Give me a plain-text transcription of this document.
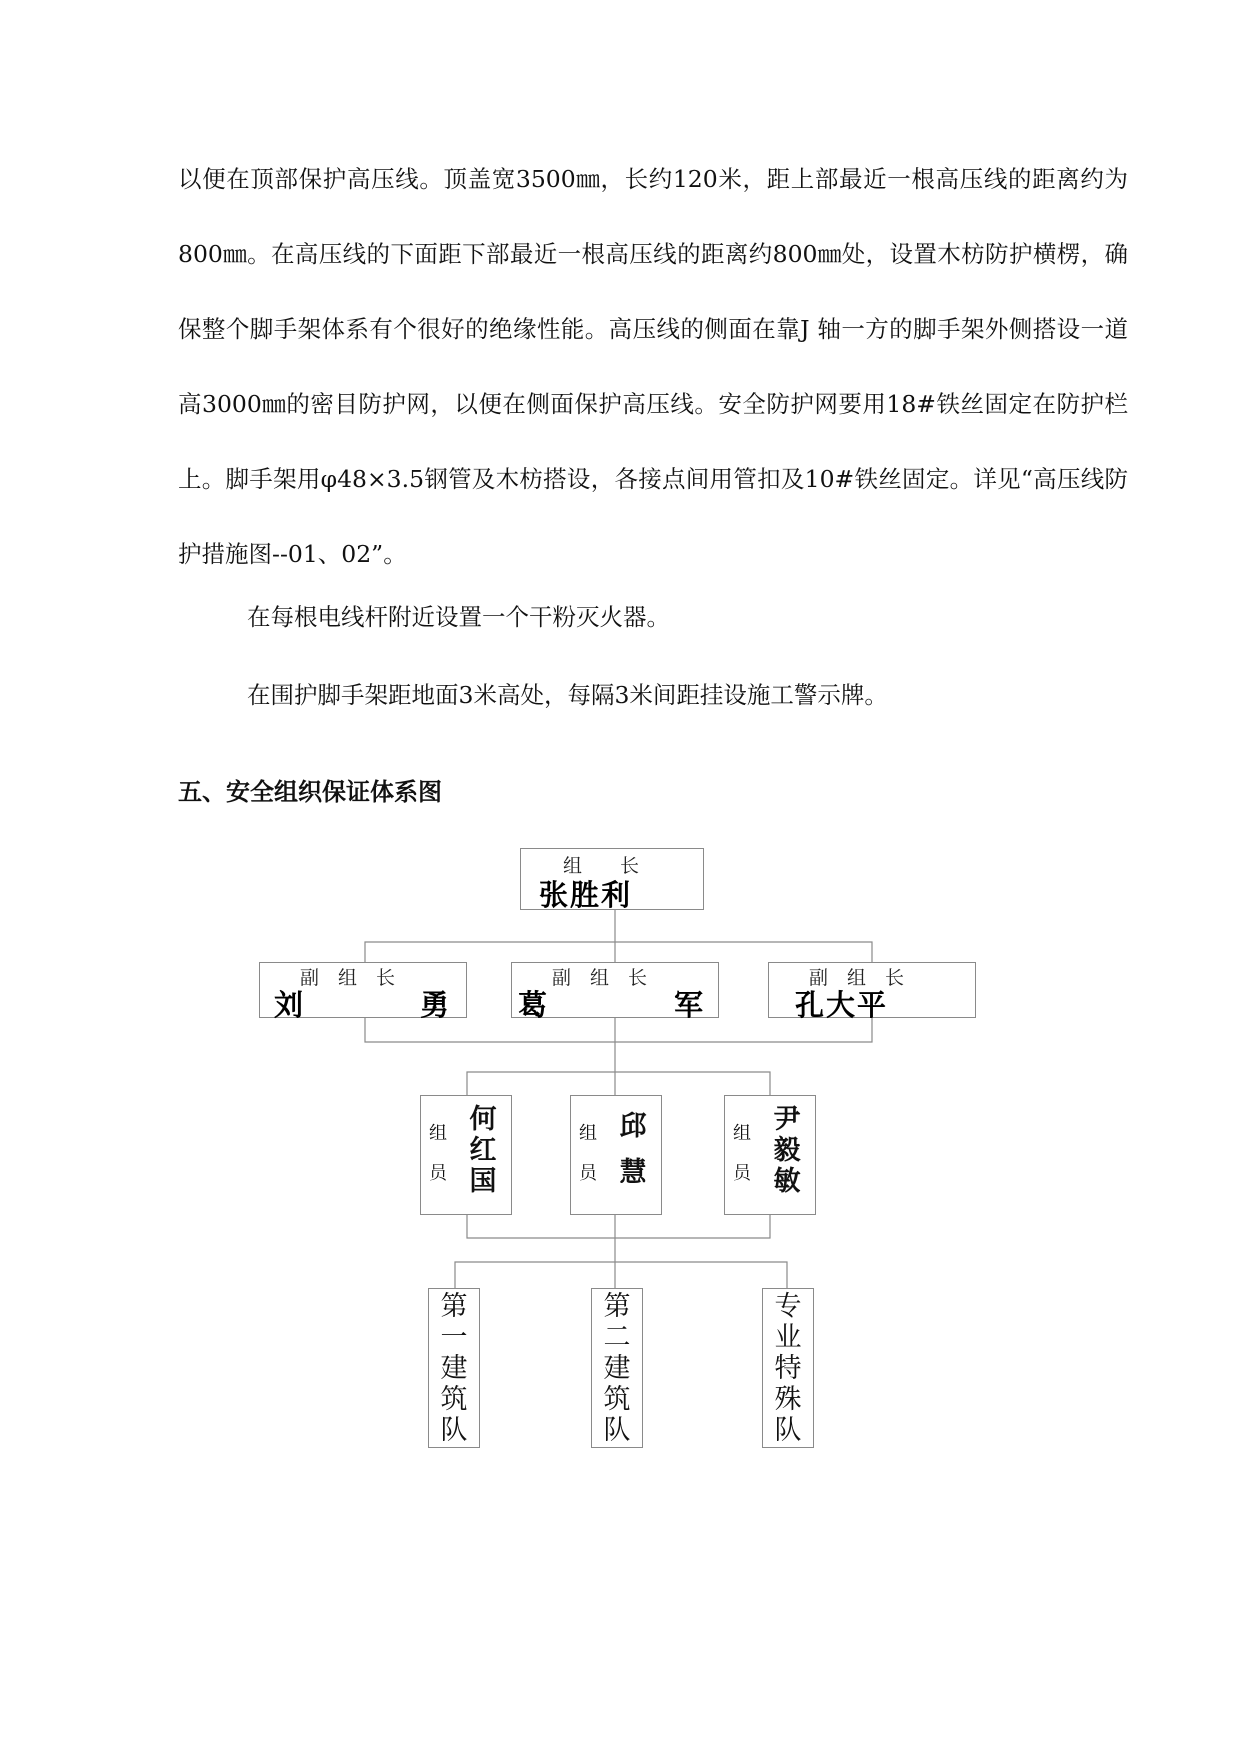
以便在顶部保护高压线。顶盖宽3500㎜，长约120米，距上部最近一根高压线的距离约为800㎜。在高压线的下面距下部最近一根高压线的距离约800㎜处，设置木枋防护横楞，确保整个脚手架体系有个很好的绝缘性能。高压线的侧面在靠J 轴一方的脚手架外侧搭设一道高3000㎜的密目防护网，以便在侧面保护高压线。安全防护网要用18#铁丝固定在防护栏上。脚手架用φ48×3.5钢管及木枋搭设，各接点间用管扣及10#铁丝固定。详见“高压线防护措施图--01、02”。

在每根电线杆附近设置一个干粉灭火器。

在围护脚手架距地面3米高处，每隔3米间距挂设施工警示牌。

五、安全组织保证体系图
组　　长
张胜利
副　组　长
刘	勇
副　组　长
葛	军
副　组　长
孔大平
组
员
何
红
国
组
员
邱
慧
组
员
尹
毅
敏
第
一
建
筑
队
第
二
建
筑
队
专
业
特
殊
队
